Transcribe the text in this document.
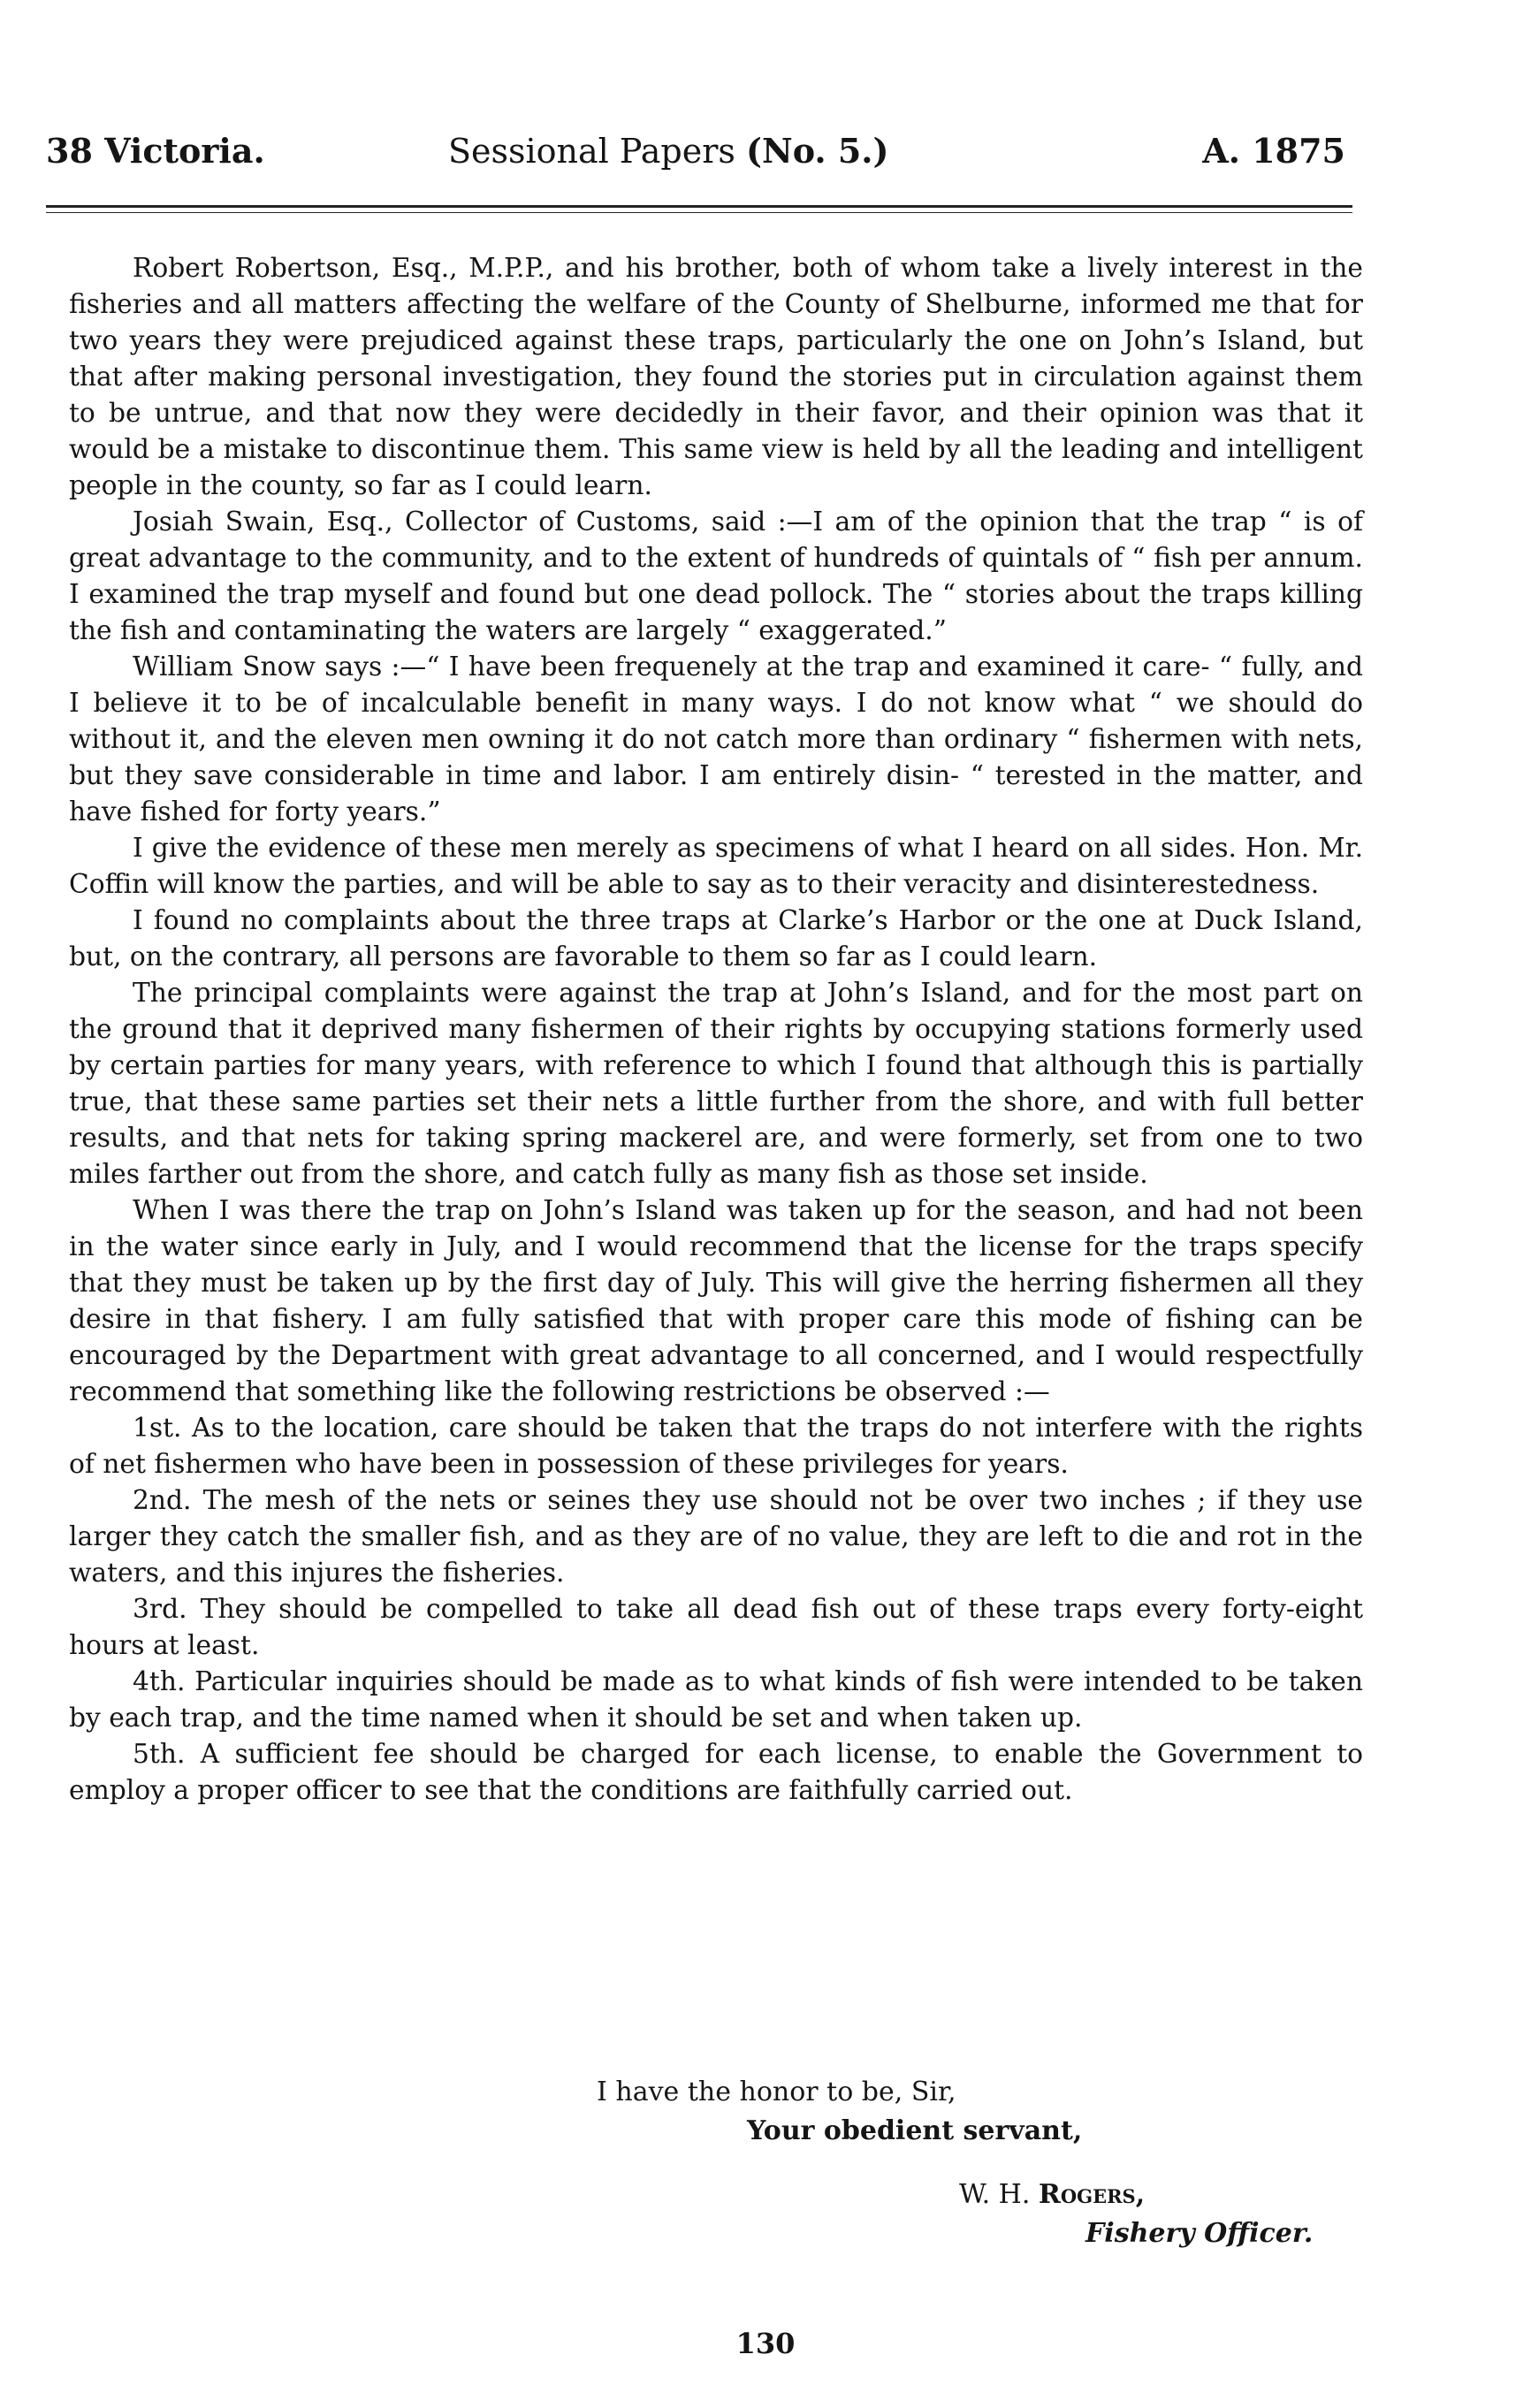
38 Victoria.	Sessional Papers (No. 5.)	A. 1875

Robert Robertson, Esq., M.P.P., and his brother, both of whom take a lively interest in the fisheries and all matters affecting the welfare of the County of Shelburne, informed me that for two years they were prejudiced against these traps, particularly the one on John’s Island, but that after making personal investigation, they found the stories put in circulation against them to be untrue, and that now they were decidedly in their favor, and their opinion was that it would be a mistake to discontinue them. This same view is held by all the leading and intelligent people in the county, so far as I could learn.

Josiah Swain, Esq., Collector of Customs, said :—I am of the opinion that the trap “ is of great advantage to the community, and to the extent of hundreds of quintals of “ fish per annum. I examined the trap myself and found but one dead pollock. The “ stories about the traps killing the fish and contaminating the waters are largely “ exaggerated.”

William Snow says :—“ I have been frequenely at the trap and examined it care- “ fully, and I believe it to be of incalculable benefit in many ways. I do not know what “ we should do without it, and the eleven men owning it do not catch more than ordinary “ fishermen with nets, but they save considerable in time and labor. I am entirely disin- “ terested in the matter, and have fished for forty years.”

I give the evidence of these men merely as specimens of what I heard on all sides. Hon. Mr. Coffin will know the parties, and will be able to say as to their veracity and disinterestedness.

I found no complaints about the three traps at Clarke’s Harbor or the one at Duck Island, but, on the contrary, all persons are favorable to them so far as I could learn.

The principal complaints were against the trap at John’s Island, and for the most part on the ground that it deprived many fishermen of their rights by occupying stations formerly used by certain parties for many years, with reference to which I found that although this is partially true, that these same parties set their nets a little further from the shore, and with full better results, and that nets for taking spring mackerel are, and were formerly, set from one to two miles farther out from the shore, and catch fully as many fish as those set inside.

When I was there the trap on John’s Island was taken up for the season, and had not been in the water since early in July, and I would recommend that the license for the traps specify that they must be taken up by the first day of July. This will give the herring fishermen all they desire in that fishery. I am fully satisfied that with proper care this mode of fishing can be encouraged by the Department with great advantage to all concerned, and I would respectfully recommend that something like the following restrictions be observed :—

1st. As to the location, care should be taken that the traps do not interfere with the rights of net fishermen who have been in possession of these privileges for years.

2nd. The mesh of the nets or seines they use should not be over two inches ; if they use larger they catch the smaller fish, and as they are of no value, they are left to die and rot in the waters, and this injures the fisheries.

3rd. They should be compelled to take all dead fish out of these traps every forty-eight hours at least.

4th. Particular inquiries should be made as to what kinds of fish were intended to be taken by each trap, and the time named when it should be set and when taken up.

5th. A sufficient fee should be charged for each license, to enable the Government to employ a proper officer to see that the conditions are faithfully carried out.

I have the honor to be, Sir,
Your obedient servant,
W. H. Rogers,
Fishery Officer.
130
